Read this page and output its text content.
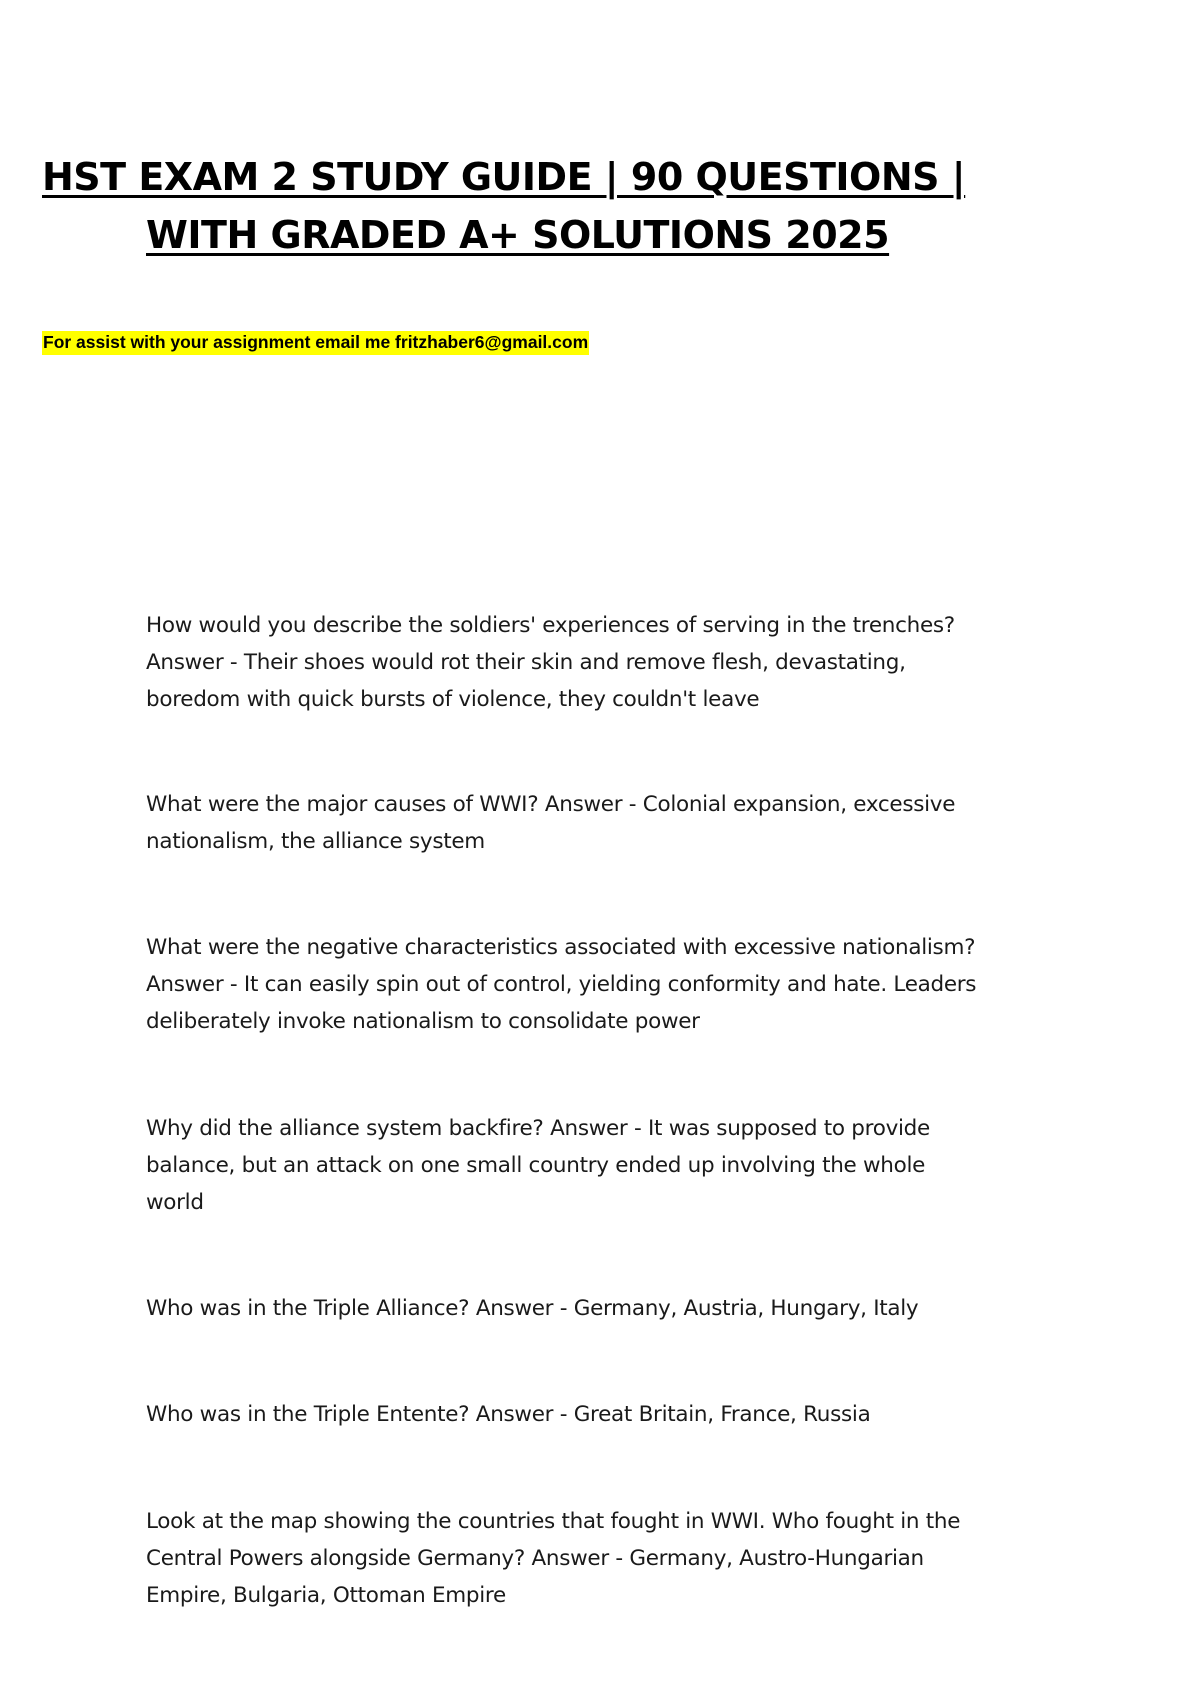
HST EXAM 2 STUDY GUIDE | 90 QUESTIONS |
WITH GRADED A+ SOLUTIONS 2025
For assist with your assignment email me fritzhaber6@gmail.com
How would you describe the soldiers' experiences of serving in the trenches?
Answer - Their shoes would rot their skin and remove flesh, devastating,
boredom with quick bursts of violence, they couldn't leave
What were the major causes of WWI? Answer - Colonial expansion, excessive
nationalism, the alliance system
What were the negative characteristics associated with excessive nationalism?
Answer - It can easily spin out of control, yielding conformity and hate. Leaders
deliberately invoke nationalism to consolidate power
Why did the alliance system backfire? Answer - It was supposed to provide
balance, but an attack on one small country ended up involving the whole
world
Who was in the Triple Alliance? Answer - Germany, Austria, Hungary, Italy
Who was in the Triple Entente? Answer - Great Britain, France, Russia
Look at the map showing the countries that fought in WWI. Who fought in the
Central Powers alongside Germany? Answer - Germany, Austro-Hungarian
Empire, Bulgaria, Ottoman Empire
